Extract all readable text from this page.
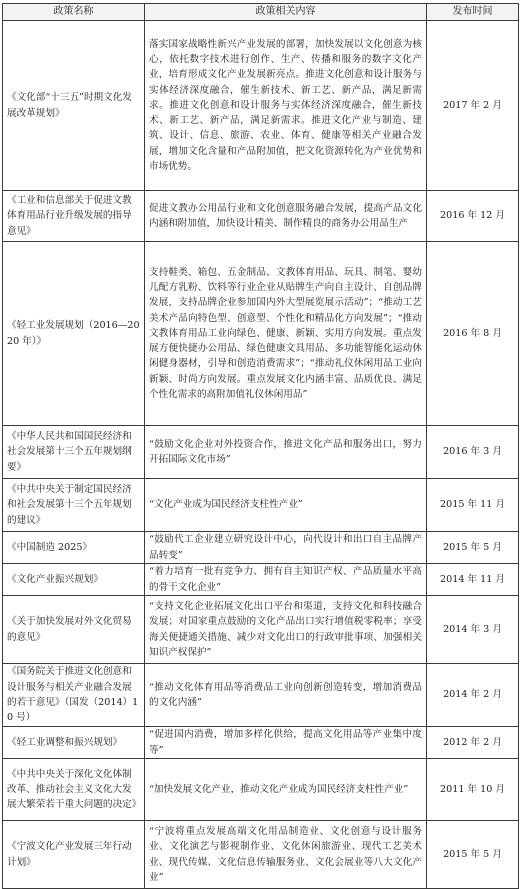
政策名称	政策相关内容	发布时间
《文化部“十三五”时期文化发展改革规划》	落实国家战略性新兴产业发展的部署，加快发展以文化创意为核心，依托数字技术进行创作、生产、传播和服务的数字文化产业，培育形成文化产业发展新亮点。推进文化创意和设计服务与实体经济深度融合，催生新技术、新工艺、新产品，满足新需求。推进文化创意和设计服务与实体经济深度融合，催生新技术、新工艺、新产品，满足新需求。推进文化产业与制造、建筑、设计、信息、旅游、农业、体育、健康等相关产业融合发展，增加文化含量和产品附加值，把文化资源转化为产业优势和市场优势。	2017 年 2 月
《工业和信息部关于促进文教体育用品行业升级发展的指导意见》	促进文教办公用品行业和文化创意服务融合发展，提高产品文化内涵和附加值，加快设计精美、制作精良的商务办公用品生产	2016 年 12 月
《轻工业发展规划（2016—2020 年）》	支持鞋类、箱包、五金制品、文教体育用品、玩具、制笔、婴幼儿配方乳粉、饮料等行业企业从贴牌生产向自主设计、自创品牌发展，支持品牌企业参加国内外大型展览展示活动”；“推动工艺美术产品向特色型、创意型、个性化和精品化方向发展”；“推动文教体育用品工业向绿色、健康、新颖、实用方向发展。重点发展方便快捷办公用品、绿色健康文具用品、多功能智能化运动休闲健身器材，引导和创造消费需求”；“推动礼仪休闲用品工业向新颖、时尚方向发展。重点发展文化内涵丰富、品质优良、满足个性化需求的高附加值礼仪休闲用品”	2016 年 8 月
《中华人民共和国国民经济和社会发展第十三个五年规划纲要》	“鼓励文化企业对外投资合作，推进文化产品和服务出口，努力开拓国际文化市场”	2016 年 3 月
《中共中央关于制定国民经济和社会发展第十三个五年规划的建议》	“文化产业成为国民经济支柱性产业”	2015 年 11 月
《中国制造 2025》	“鼓励代工企业建立研究设计中心，向代设计和出口自主品牌产品转变”	2015 年 5 月
《文化产业振兴规划》	“着力培育一批有竞争力、拥有自主知识产权、产品质量水平高的骨干文化企业”	2014 年 11 月
《关于加快发展对外文化贸易的意见》	“支持文化企业拓展文化出口平台和渠道，支持文化和科技融合发展；对国家重点鼓励的文化产品出口实行增值税零税率；享受海关便捷通关措施、减少对文化出口的行政审批事项、加强相关知识产权保护”	2014 年 3 月
《国务院关于推进文化创意和设计服务与相关产业融合发展的若干意见》（国发（2014）10 号）	“推动文化体育用品等消费品工业向创新创造转变，增加消费品的文化内涵”	2014 年 2 月
《轻工业调整和振兴规划》	“促进国内消费，增加多样化供给，提高文化用品等产业集中度等”	2012 年 2 月
《中共中央关于深化文化体制改革、推动社会主义文化大发展大繁荣若干重大问题的决定》	“加快发展文化产业，推动文化产业成为国民经济支柱性产业”	2011 年 10 月
《宁波文化产业发展三年行动计划》	“宁波将重点发展高端文化用品制造业、文化创意与设计服务业、文化演艺与影视制作业、文化休闲旅游业、现代工艺美术业、现代传媒、文化信息传输服务业、文化会展业等八大文化产业”	2015 年 5 月
